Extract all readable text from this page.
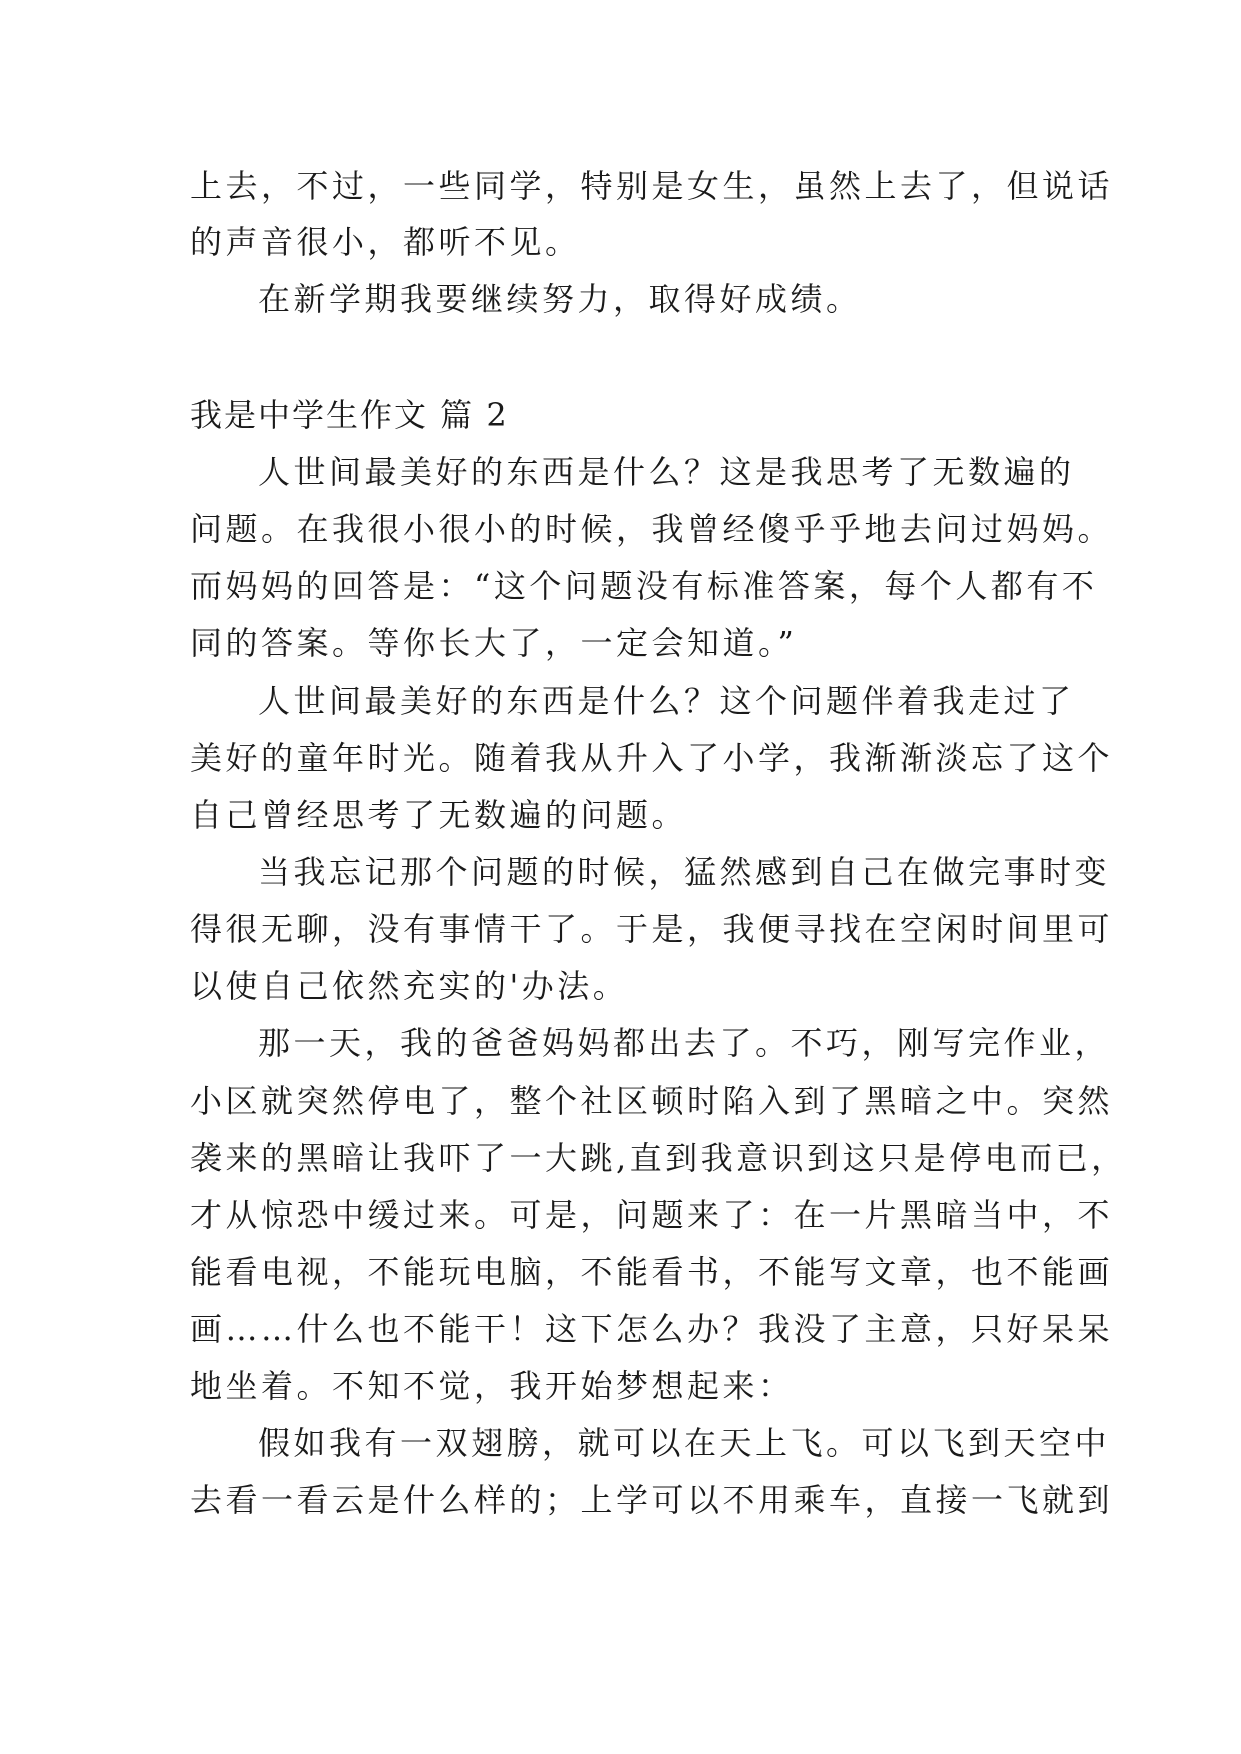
上去，不过，一些同学，特别是女生，虽然上去了，但说话
的声音很小，都听不见。
在新学期我要继续努力，取得好成绩。
我是中学生作文 篇 2
人世间最美好的东西是什么？这是我思考了无数遍的
问题。在我很小很小的时候，我曾经傻乎乎地去问过妈妈。
而妈妈的回答是：“这个问题没有标准答案，每个人都有不
同的答案。等你长大了，一定会知道。”
人世间最美好的东西是什么？这个问题伴着我走过了
美好的童年时光。随着我从升入了小学，我渐渐淡忘了这个
自己曾经思考了无数遍的问题。
当我忘记那个问题的时候，猛然感到自己在做完事时变
得很无聊，没有事情干了。于是，我便寻找在空闲时间里可
以使自己依然充实的'办法。
那一天，我的爸爸妈妈都出去了。不巧，刚写完作业，
小区就突然停电了，整个社区顿时陷入到了黑暗之中。突然
袭来的黑暗让我吓了一大跳,直到我意识到这只是停电而已，
才从惊恐中缓过来。可是，问题来了：在一片黑暗当中，不
能看电视，不能玩电脑，不能看书，不能写文章，也不能画
画……什么也不能干！这下怎么办？我没了主意，只好呆呆
地坐着。不知不觉，我开始梦想起来：
假如我有一双翅膀，就可以在天上飞。可以飞到天空中
去看一看云是什么样的；上学可以不用乘车，直接一飞就到
